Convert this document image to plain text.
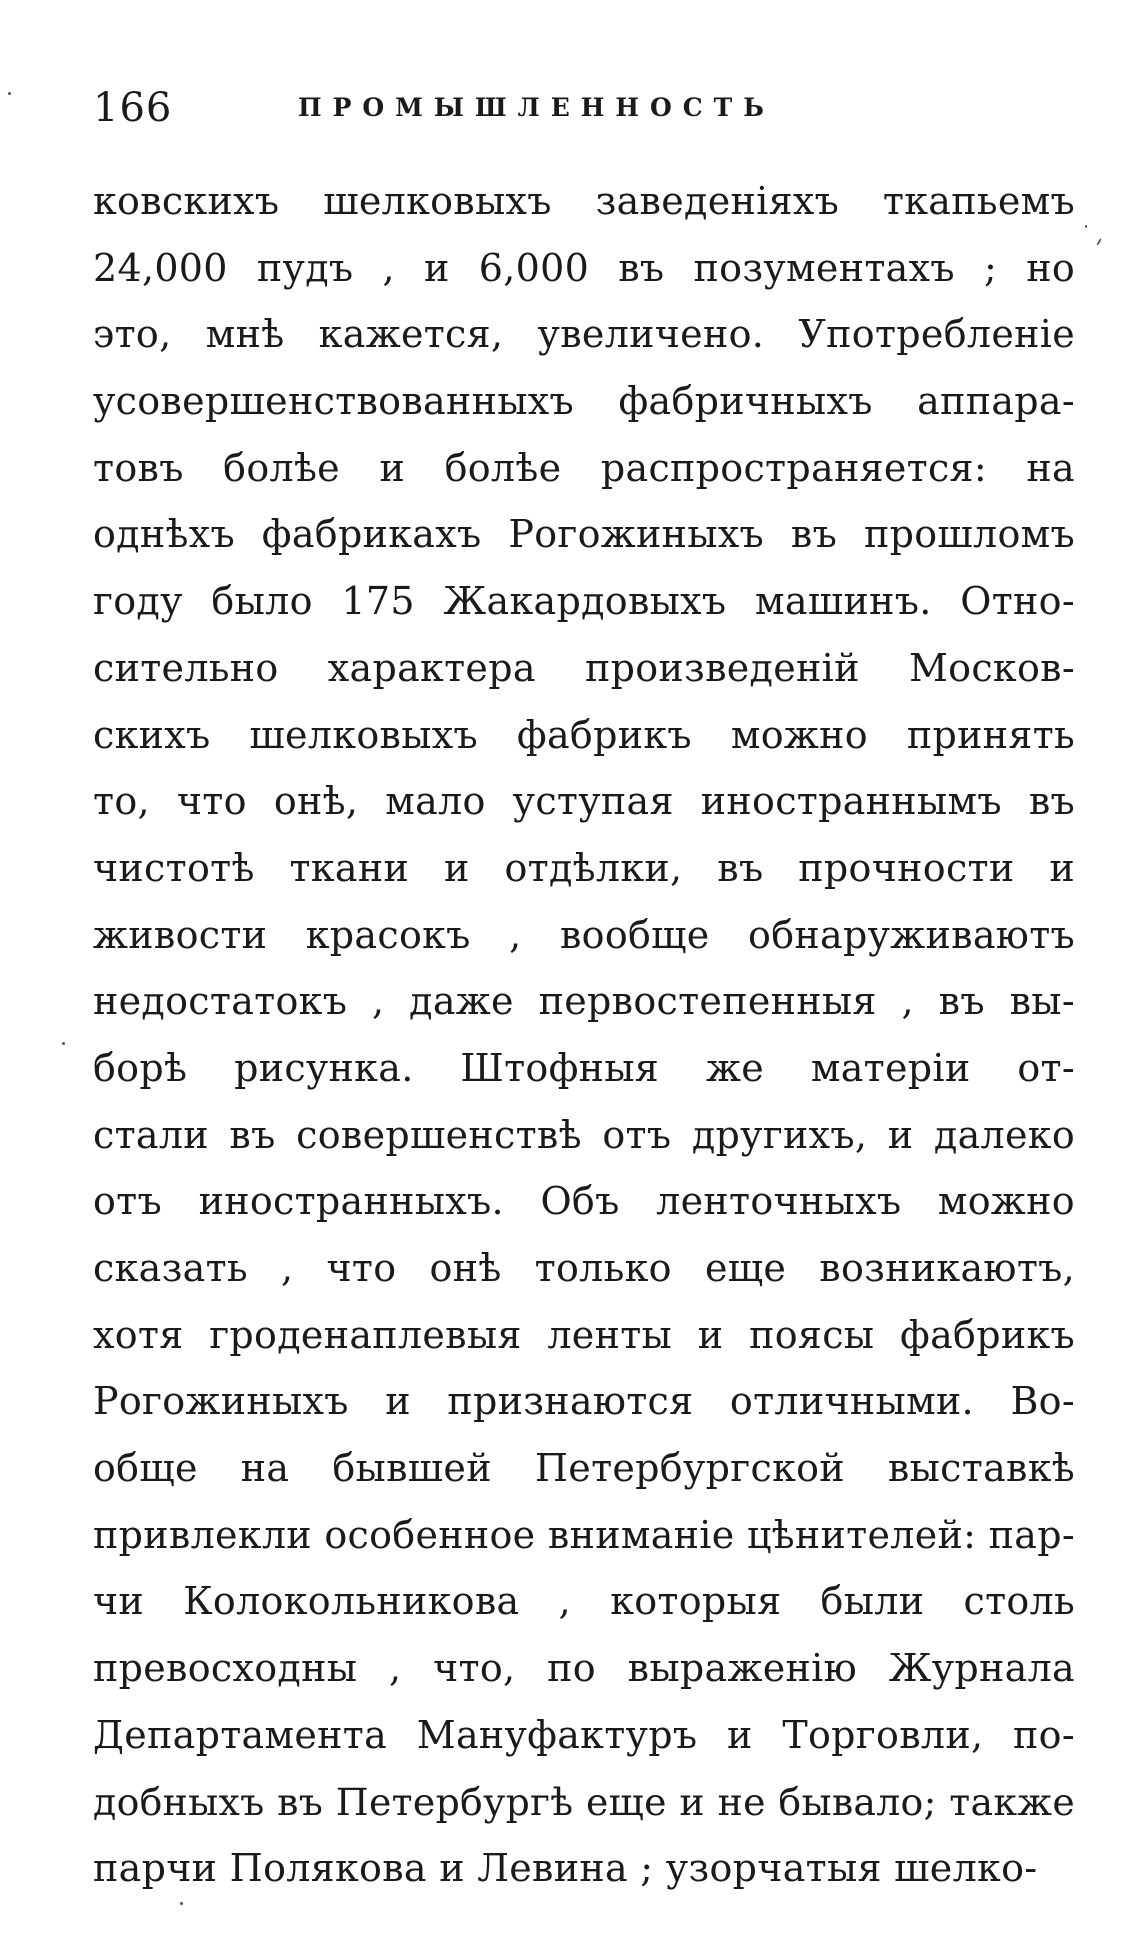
166	ПРОМЫШЛЕННОСТЬ
ковскихъ шелковыхъ заведеніяхъ ткапьемъ
24,000 пудъ , и 6,000 въ позументахъ ; но
это, мнѣ кажется, увеличено. Употребленіе
усовершенствованныхъ фабричныхъ аппара-
товъ болѣе и болѣе распространяется: на
однѣхъ фабрикахъ Рогожиныхъ въ прошломъ
году было 175 Жакардовыхъ машинъ. Отно-
сительно характера произведеній Москов-
скихъ шелковыхъ фабрикъ можно принять
то, что онѣ, мало уступая иностраннымъ въ
чистотѣ ткани и отдѣлки, въ прочности и
живости красокъ , вообще обнаруживаютъ
недостатокъ , даже первостепенныя , въ вы-
борѣ рисунка. Штофныя же матеріи от-
стали въ совершенствѣ отъ другихъ, и далеко
отъ иностранныхъ. Объ ленточныхъ можно
сказать , что онѣ только еще возникаютъ,
хотя гроденаплевыя ленты и поясы фабрикъ
Рогожиныхъ и признаются отличными. Во-
обще на бывшей Петербургской выставкѣ
привлекли особенное вниманіе цѣнителей: пар-
чи Колокольникова , которыя были столь
превосходны , что, по выраженію Журнала
Департамента Мануфактуръ и Торговли, по-
добныхъ въ Петербургѣ еще и не бывало; также
парчи Полякова и Левина ; узорчатыя шелко-
